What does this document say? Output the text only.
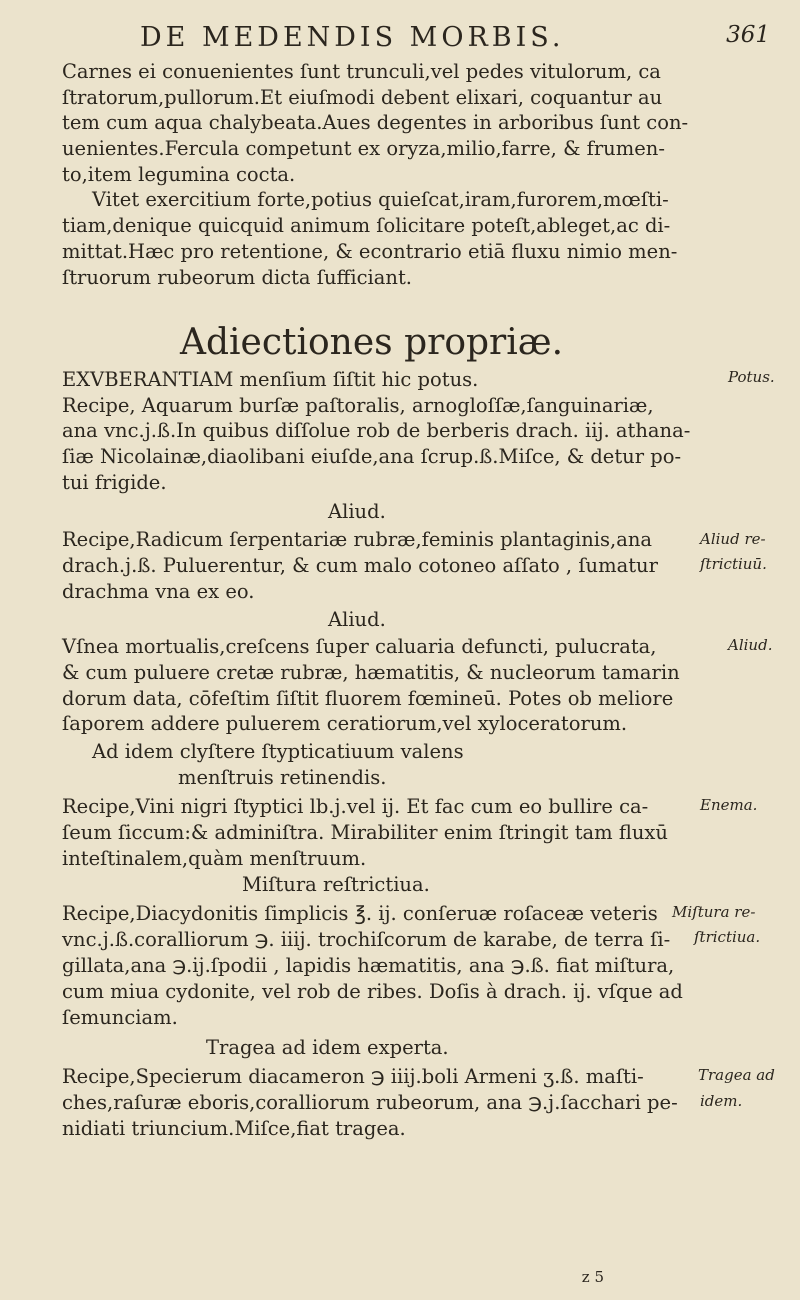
DE MEDENDIS MORBIS.	361

Carnes ei conuenientes ſunt trunculi,vel pedes vitulorum, ca

ſtratorum,pullorum.Et eiuſmodi debent elixari, coquantur au

tem cum aqua chalybeata.Aues degentes in arboribus ſunt con-

uenientes.Fercula competunt ex oryza,milio,farre, & frumen-

to,item legumina cocta.

Vitet exercitium forte,potius quieſcat,iram,furorem,mœſti-

tiam,denique quicquid animum ſolicitare poteſt,ableget,ac di-

mittat.Hæc pro retentione, & econtrario etiā fluxu nimio men-

ſtruorum rubeorum dicta ſufficiant.

Adiectiones propriæ.

EXVBERANTIAM menſium ſiſtit hic potus.

Recipe, Aquarum burſæ paſtoralis, arnogloſſæ,ſanguinariæ,

ana vnc.j.ß.In quibus diſſolue rob de berberis drach. iij. athana-

ſiæ Nicolainæ,diaolibani eiuſde,ana ſcrup.ß.Miſce, & detur po-

tui frigide.

Aliud.

Recipe,Radicum ſerpentariæ rubræ,feminis plantaginis,ana

drach.j.ß. Puluerentur, & cum malo cotoneo aſſato , ſumatur

drachma vna ex eo.

Aliud.

Vſnea mortualis,creſcens ſuper caluaria defuncti, pulucrata,

& cum puluere cretæ rubræ, hæmatitis, & nucleorum tamarin

dorum data, cōfeſtim ſiſtit fluorem fœmineū. Potes ob meliore

ſaporem addere puluerem ceratiorum,vel xyloceratorum.

Ad idem clyſtere ſtypticatiuum valens

menſtruis retinendis.

Recipe,Vini nigri ſtyptici lb.j.vel ij. Et fac cum eo bullire ca-

ſeum ſiccum:& adminiſtra. Mirabiliter enim ſtringit tam fluxū

inteſtinalem,quàm menſtruum.

Miſtura reſtrictiua.

Recipe,Diacydonitis ſimplicis ℥. ij. conſeruæ roſaceæ veteris

vnc.j.ß.coralliorum ℈. iiij. trochiſcorum de karabe, de terra ſi-

gillata,ana ℈.ij.ſpodii , lapidis hæmatitis, ana ℈.ß. fiat miſtura,

cum miua cydonite, vel rob de ribes. Doſis à drach. ij. vſque ad

ſemunciam.

Tragea ad idem experta.

Recipe,Specierum diacameron ℈ iiij.boli Armeni ʒ.ß. maſti-

ches,raſuræ eboris,coralliorum rubeorum, ana ℈.j.ſacchari pe-

nidiati triuncium.Miſce,fiat tragea.

Potus.
Aliud re-
ſtrictiuū.
Aliud.
Enema.
Miſtura re-
ſtrictiua.
Tragea ad
idem.
z 5
